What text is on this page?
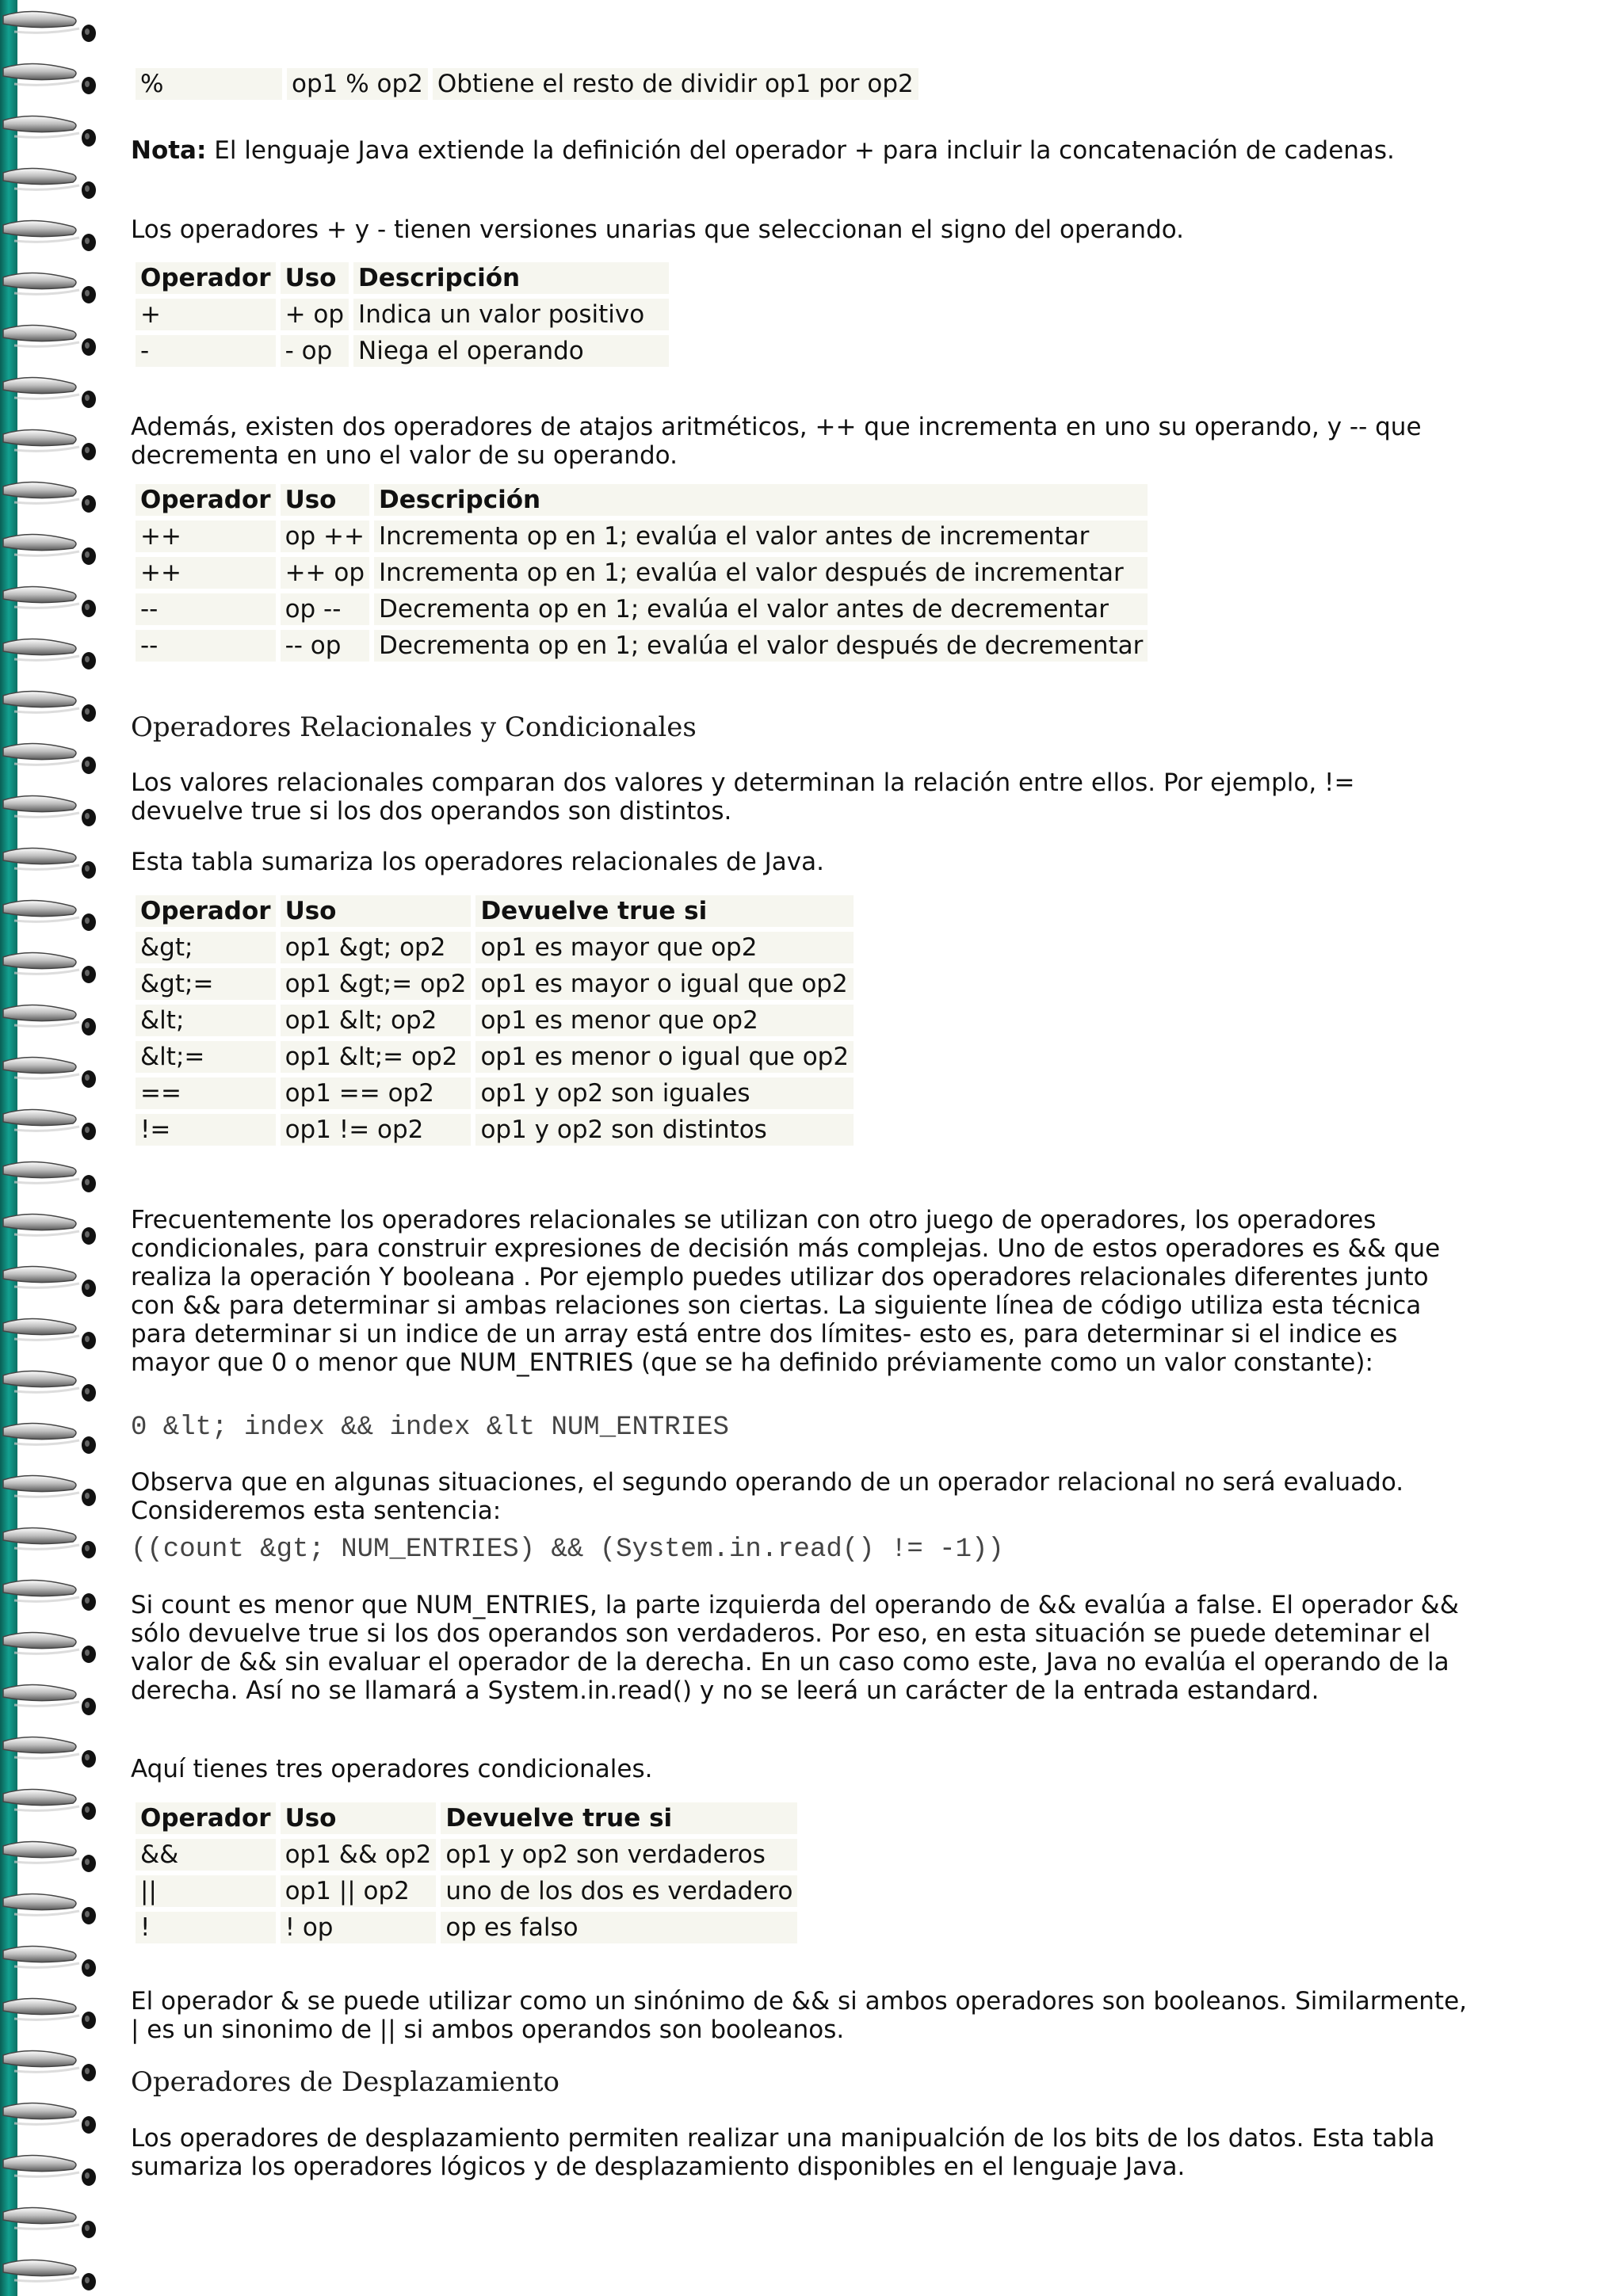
%	op1 % op2	Obtiene el resto de dividir op1 por op2

Nota: El lenguaje Java extiende la definición del operador + para incluir la concatenación de cadenas.

Los operadores + y - tienen versiones unarias que seleccionan el signo del operando.

Operador	Uso	Descripción
+	+ op	Indica un valor positivo
-	- op	Niega el operando

Además, existen dos operadores de atajos aritméticos, ++ que incrementa en uno su operando, y -- que decrementa en uno el valor de su operando.

Operador	Uso	Descripción
++	op ++	Incrementa op en 1; evalúa el valor antes de incrementar
++	++ op	Incrementa op en 1; evalúa el valor después de incrementar
--	op --	Decrementa op en 1; evalúa el valor antes de decrementar
--	-- op	Decrementa op en 1; evalúa el valor después de decrementar
Operadores Relacionales y Condicionales

Los valores relacionales comparan dos valores y determinan la relación entre ellos. Por ejemplo, != devuelve true si los dos operandos son distintos.

Esta tabla sumariza los operadores relacionales de Java.

Operador	Uso	Devuelve true si
&gt;	op1 &gt; op2	op1 es mayor que op2
&gt;=	op1 &gt;= op2	op1 es mayor o igual que op2
&lt;	op1 &lt; op2	op1 es menor que op2
&lt;=	op1 &lt;= op2	op1 es menor o igual que op2
==	op1 == op2	op1 y op2 son iguales
!=	op1 != op2	op1 y op2 son distintos

Frecuentemente los operadores relacionales se utilizan con otro juego de operadores, los operadores condicionales, para construir expresiones de decisión más complejas. Uno de estos operadores es && que realiza la operación Y booleana . Por ejemplo puedes utilizar dos operadores relacionales diferentes junto con && para determinar si ambas relaciones son ciertas. La siguiente línea de código utiliza esta técnica para determinar si un indice de un array está entre dos límites- esto es, para determinar si el indice es mayor que 0 o menor que NUM_ENTRIES (que se ha definido préviamente como un valor constante):

0 &lt; index && index &lt NUM_ENTRIES

Observa que en algunas situaciones, el segundo operando de un operador relacional no será evaluado. Consideremos esta sentencia:

((count &gt; NUM_ENTRIES) && (System.in.read() != -1))

Si count es menor que NUM_ENTRIES, la parte izquierda del operando de && evalúa a false. El operador && sólo devuelve true si los dos operandos son verdaderos. Por eso, en esta situación se puede deteminar el valor de && sin evaluar el operador de la derecha. En un caso como este, Java no evalúa el operando de la derecha. Así no se llamará a System.in.read() y no se leerá un carácter de la entrada estandard.

Aquí tienes tres operadores condicionales.

Operador	Uso	Devuelve true si
&&	op1 && op2	op1 y op2 son verdaderos
||	op1 || op2	uno de los dos es verdadero
!	! op	op es falso

El operador & se puede utilizar como un sinónimo de && si ambos operadores son booleanos. Similarmente, | es un sinonimo de || si ambos operandos son booleanos.

Operadores de Desplazamiento

Los operadores de desplazamiento permiten realizar una manipualción de los bits de los datos. Esta tabla sumariza los operadores lógicos y de desplazamiento disponibles en el lenguaje Java.
